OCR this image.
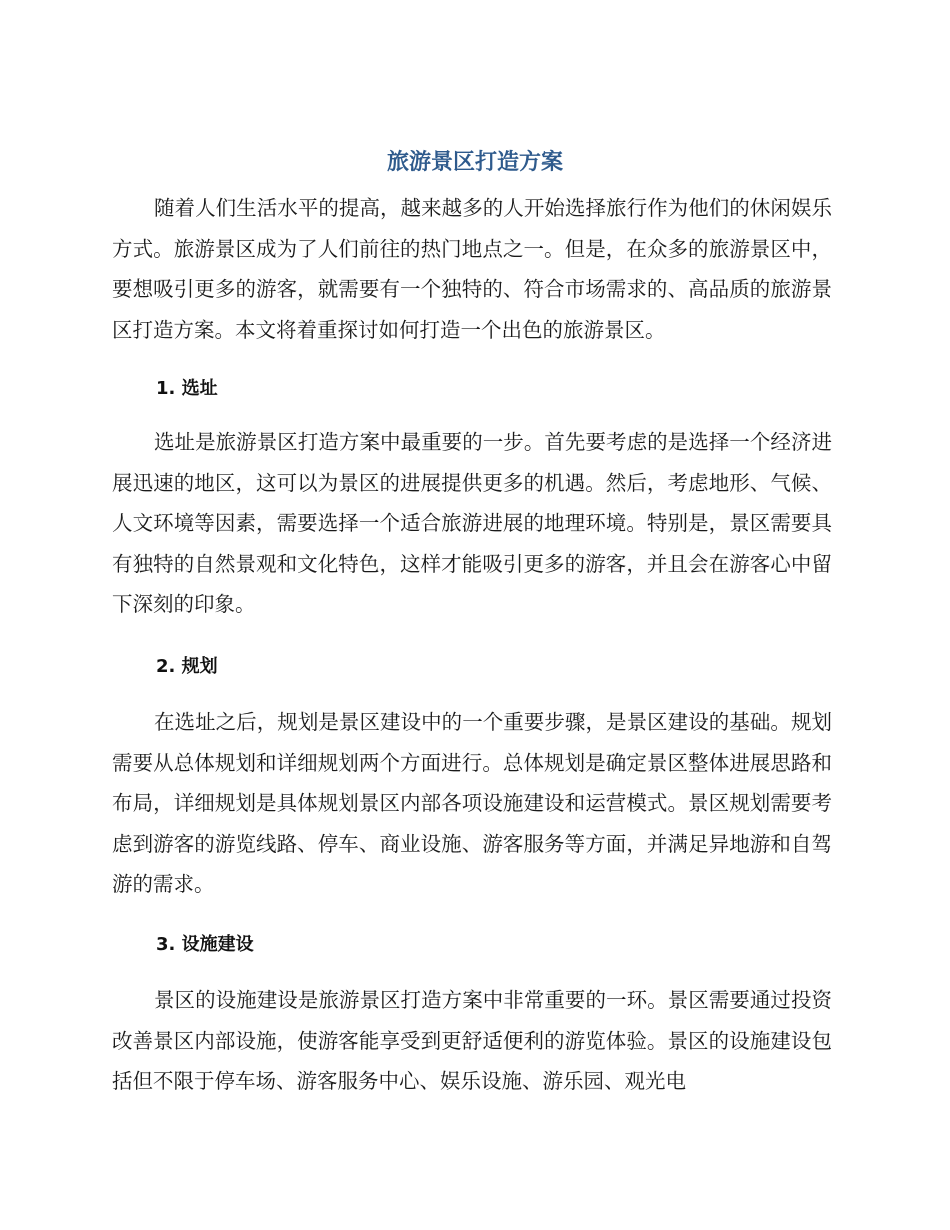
旅游景区打造方案

随着人们生活水平的提高，越来越多的人开始选择旅行作为他们的休闲娱乐方式。旅游景区成为了人们前往的热门地点之一。但是，在众多的旅游景区中，要想吸引更多的游客，就需要有一个独特的、符合市场需求的、高品质的旅游景区打造方案。本文将着重探讨如何打造一个出色的旅游景区。

1. 选址

选址是旅游景区打造方案中最重要的一步。首先要考虑的是选择一个经济进展迅速的地区，这可以为景区的进展提供更多的机遇。然后，考虑地形、气候、人文环境等因素，需要选择一个适合旅游进展的地理环境。特别是，景区需要具有独特的自然景观和文化特色，这样才能吸引更多的游客，并且会在游客心中留下深刻的印象。

2. 规划

在选址之后，规划是景区建设中的一个重要步骤，是景区建设的基础。规划需要从总体规划和详细规划两个方面进行。总体规划是确定景区整体进展思路和布局，详细规划是具体规划景区内部各项设施建设和运营模式。景区规划需要考虑到游客的游览线路、停车、商业设施、游客服务等方面，并满足异地游和自驾游的需求。

3. 设施建设

景区的设施建设是旅游景区打造方案中非常重要的一环。景区需要通过投资改善景区内部设施，使游客能享受到更舒适便利的游览体验。景区的设施建设包括但不限于停车场、游客服务中心、娱乐设施、游乐园、观光电
